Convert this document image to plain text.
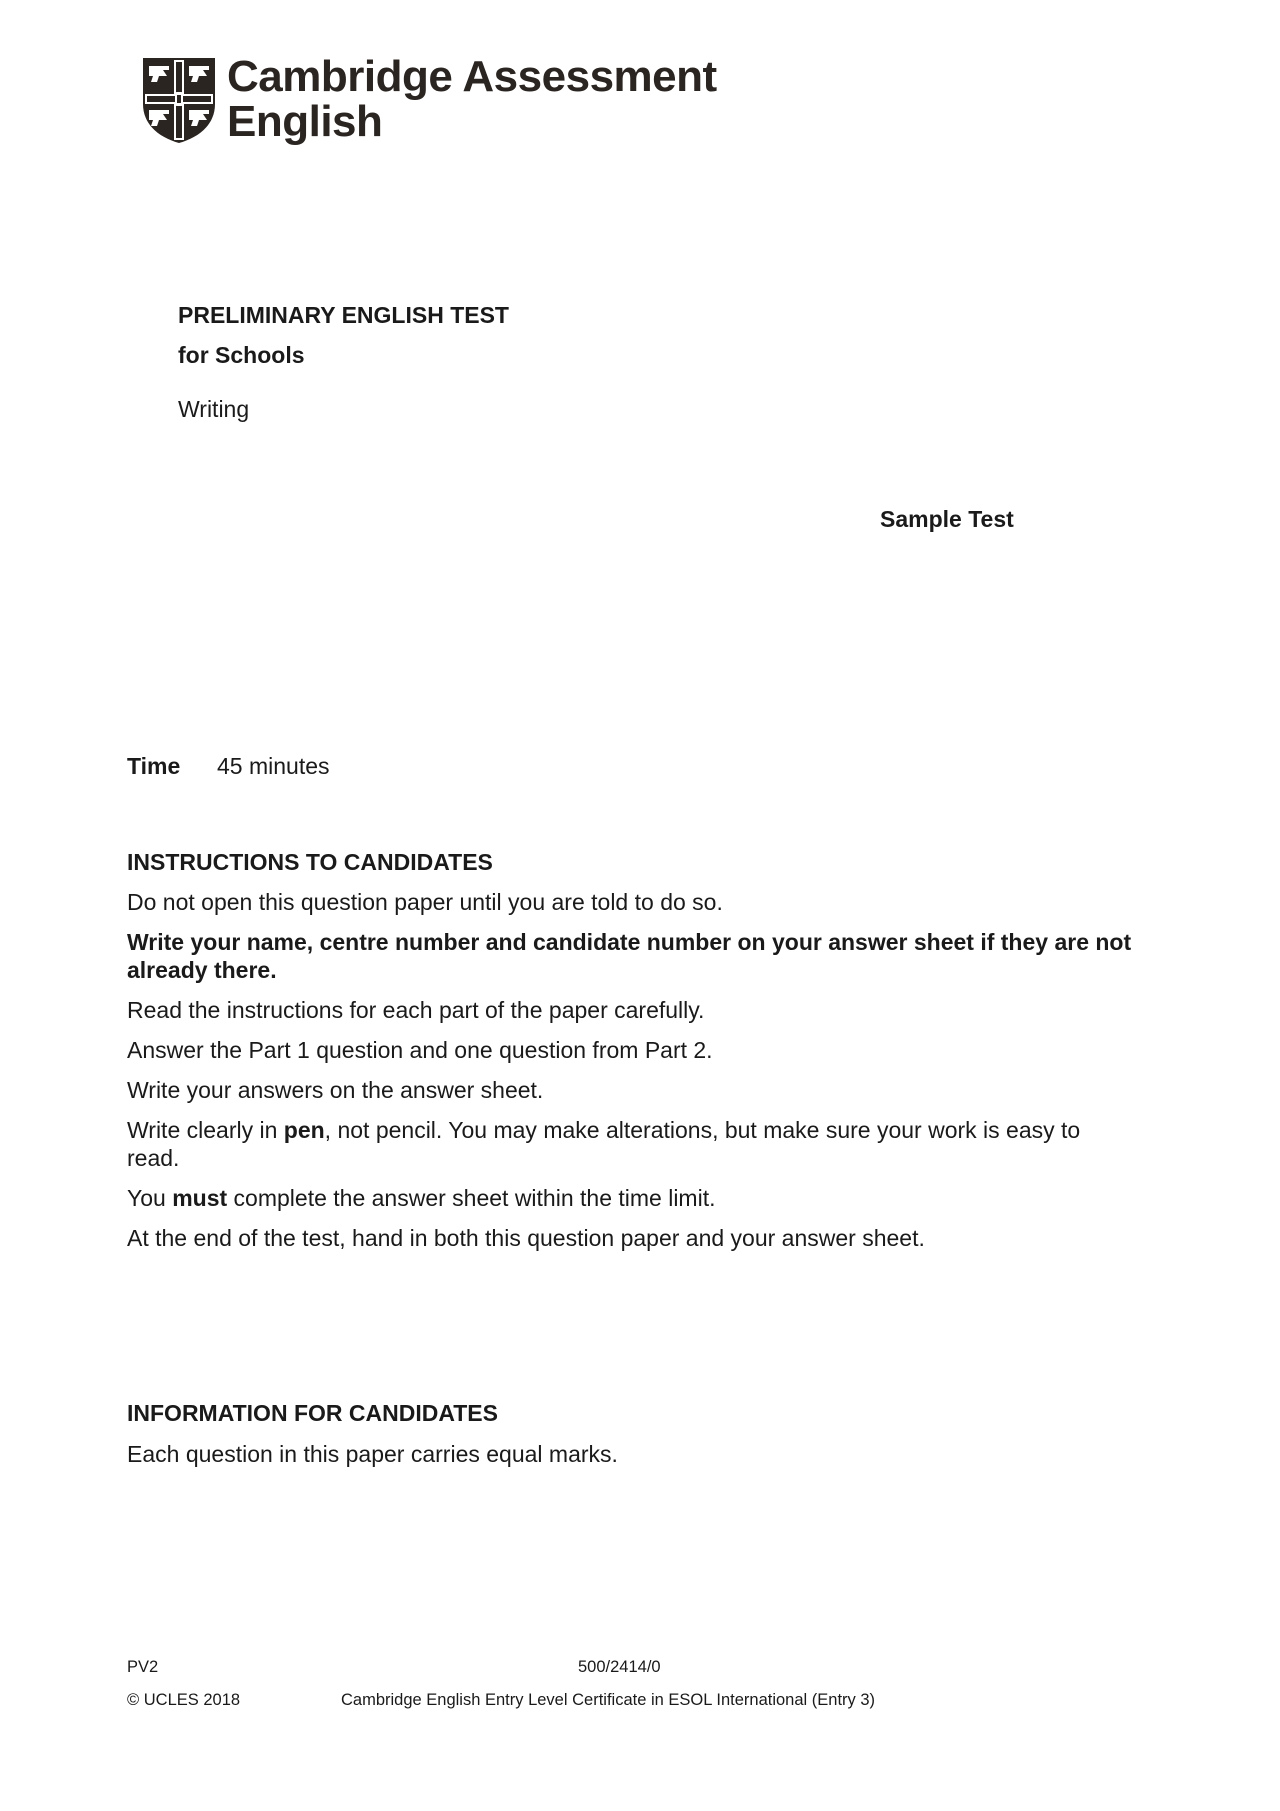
Cambridge Assessment
English
PRELIMINARY ENGLISH TEST
for Schools
Writing
Sample Test
Time 45 minutes
INSTRUCTIONS TO CANDIDATES
Do not open this question paper until you are told to do so.
Write your name, centre number and candidate number on your answer sheet if they are not already there.
Read the instructions for each part of the paper carefully.
Answer the Part 1 question and one question from Part 2.
Write your answers on the answer sheet.
Write clearly in pen, not pencil. You may make alterations, but make sure your work is easy to read.
You must complete the answer sheet within the time limit.
At the end of the test, hand in both this question paper and your answer sheet.
INFORMATION FOR CANDIDATES
Each question in this paper carries equal marks.
PV2	500/2414/0
© UCLES 2018	Cambridge English Entry Level Certificate in ESOL International (Entry 3)
